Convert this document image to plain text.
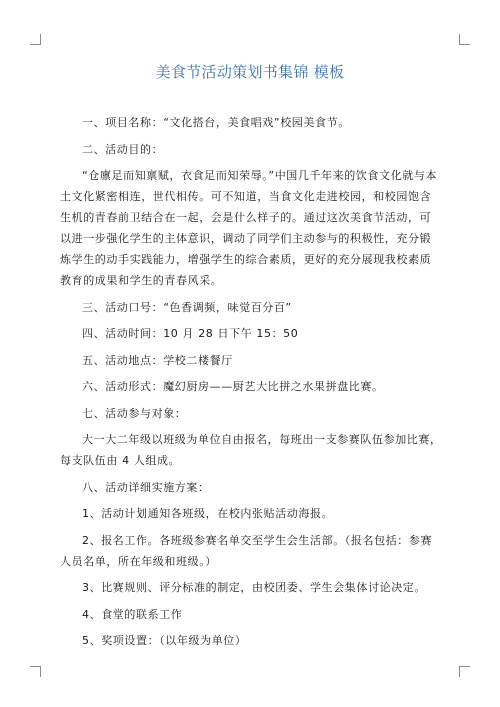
美食节活动策划书集锦 模板

一、项目名称：“文化搭台，美食唱戏”校园美食节。

二、活动目的：

“仓廪足而知禀赋，衣食足而知荣辱。”中国几千年来的饮食文化就与本土文化紧密相连，世代相传。可不知道，当食文化走进校园，和校园饱含生机的青春前卫结合在一起，会是什么样子的。通过这次美食节活动，可以进一步强化学生的主体意识，调动了同学们主动参与的积极性，充分锻炼学生的动手实践能力，增强学生的综合素质，更好的充分展现我校素质教育的成果和学生的青春风采。

三、活动口号：“色香调频，味觉百分百”

四、活动时间：10 月 28 日下午 15：50

五、活动地点：学校二楼餐厅

六、活动形式：魔幻厨房——厨艺大比拼之水果拼盘比赛。

七、活动参与对象：

大一大二年级以班级为单位自由报名，每班出一支参赛队伍参加比赛，每支队伍由 4 人组成。

八、活动详细实施方案：

1、活动计划通知各班级，在校内张贴活动海报。

2、报名工作。各班级参赛名单交至学生会生活部。（报名包括：参赛人员名单，所在年级和班级。）

3、比赛规则、评分标准的制定，由校团委、学生会集体讨论决定。

4、食堂的联系工作

5、奖项设置：（以年级为单位）
